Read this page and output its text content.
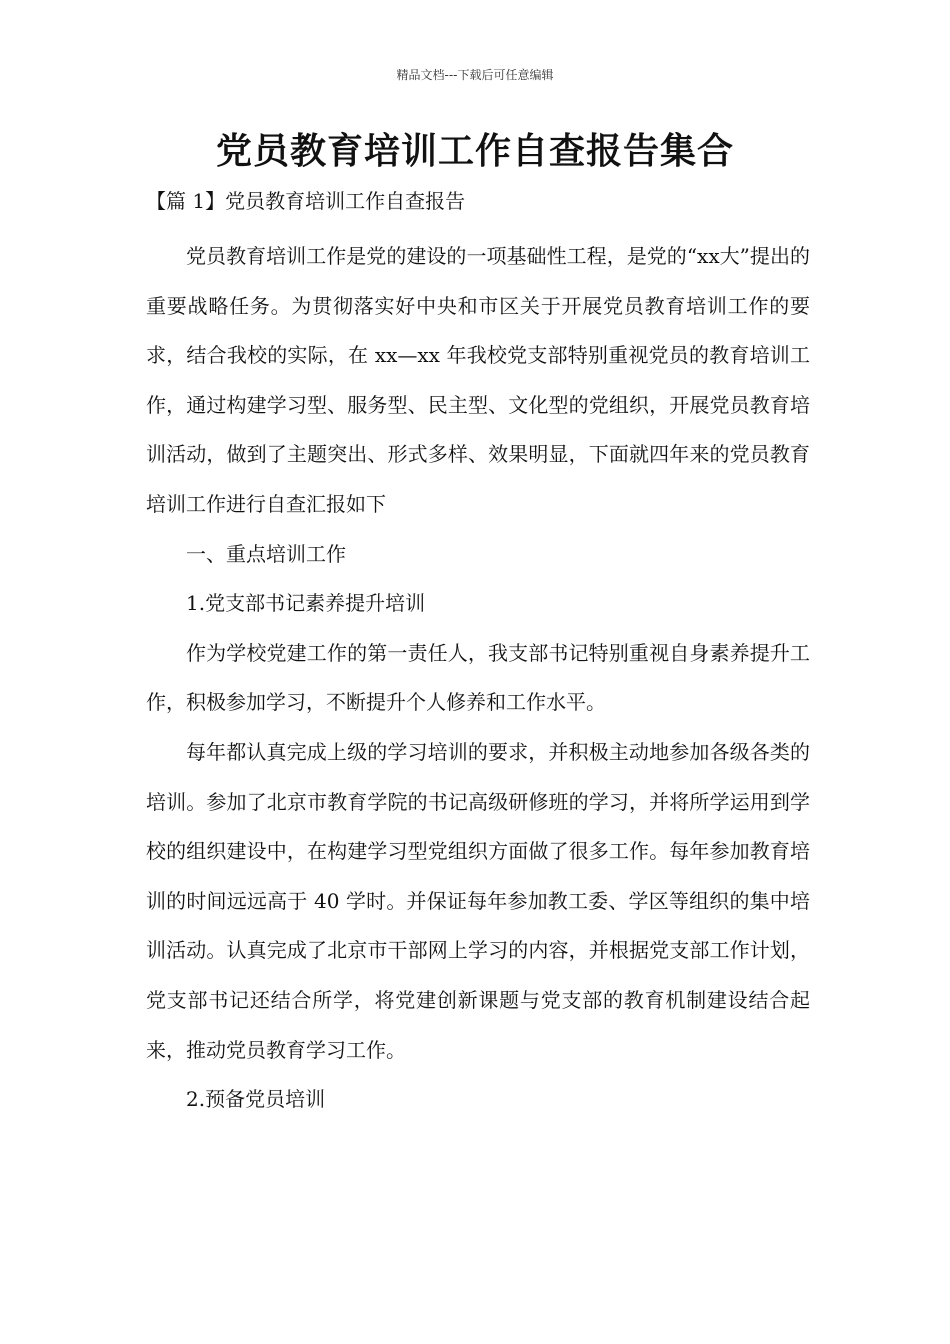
精品文档---下载后可任意编辑
党员教育培训工作自查报告集合
【篇 1】党员教育培训工作自查报告

党员教育培训工作是党的建设的一项基础性工程，是党的“xx大”提出的重要战略任务。为贯彻落实好中央和市区关于开展党员教育培训工作的要求，结合我校的实际，在 xx—xx 年我校党支部特别重视党员的教育培训工作，通过构建学习型、服务型、民主型、文化型的党组织，开展党员教育培训活动，做到了主题突出、形式多样、效果明显，下面就四年来的党员教育培训工作进行自查汇报如下

一、重点培训工作

1.党支部书记素养提升培训

作为学校党建工作的第一责任人，我支部书记特别重视自身素养提升工作，积极参加学习，不断提升个人修养和工作水平。

每年都认真完成上级的学习培训的要求，并积极主动地参加各级各类的培训。参加了北京市教育学院的书记高级研修班的学习，并将所学运用到学校的组织建设中，在构建学习型党组织方面做了很多工作。每年参加教育培训的时间远远高于 40 学时。并保证每年参加教工委、学区等组织的集中培训活动。认真完成了北京市干部网上学习的内容，并根据党支部工作计划，党支部书记还结合所学，将党建创新课题与党支部的教育机制建设结合起来，推动党员教育学习工作。

2.预备党员培训
